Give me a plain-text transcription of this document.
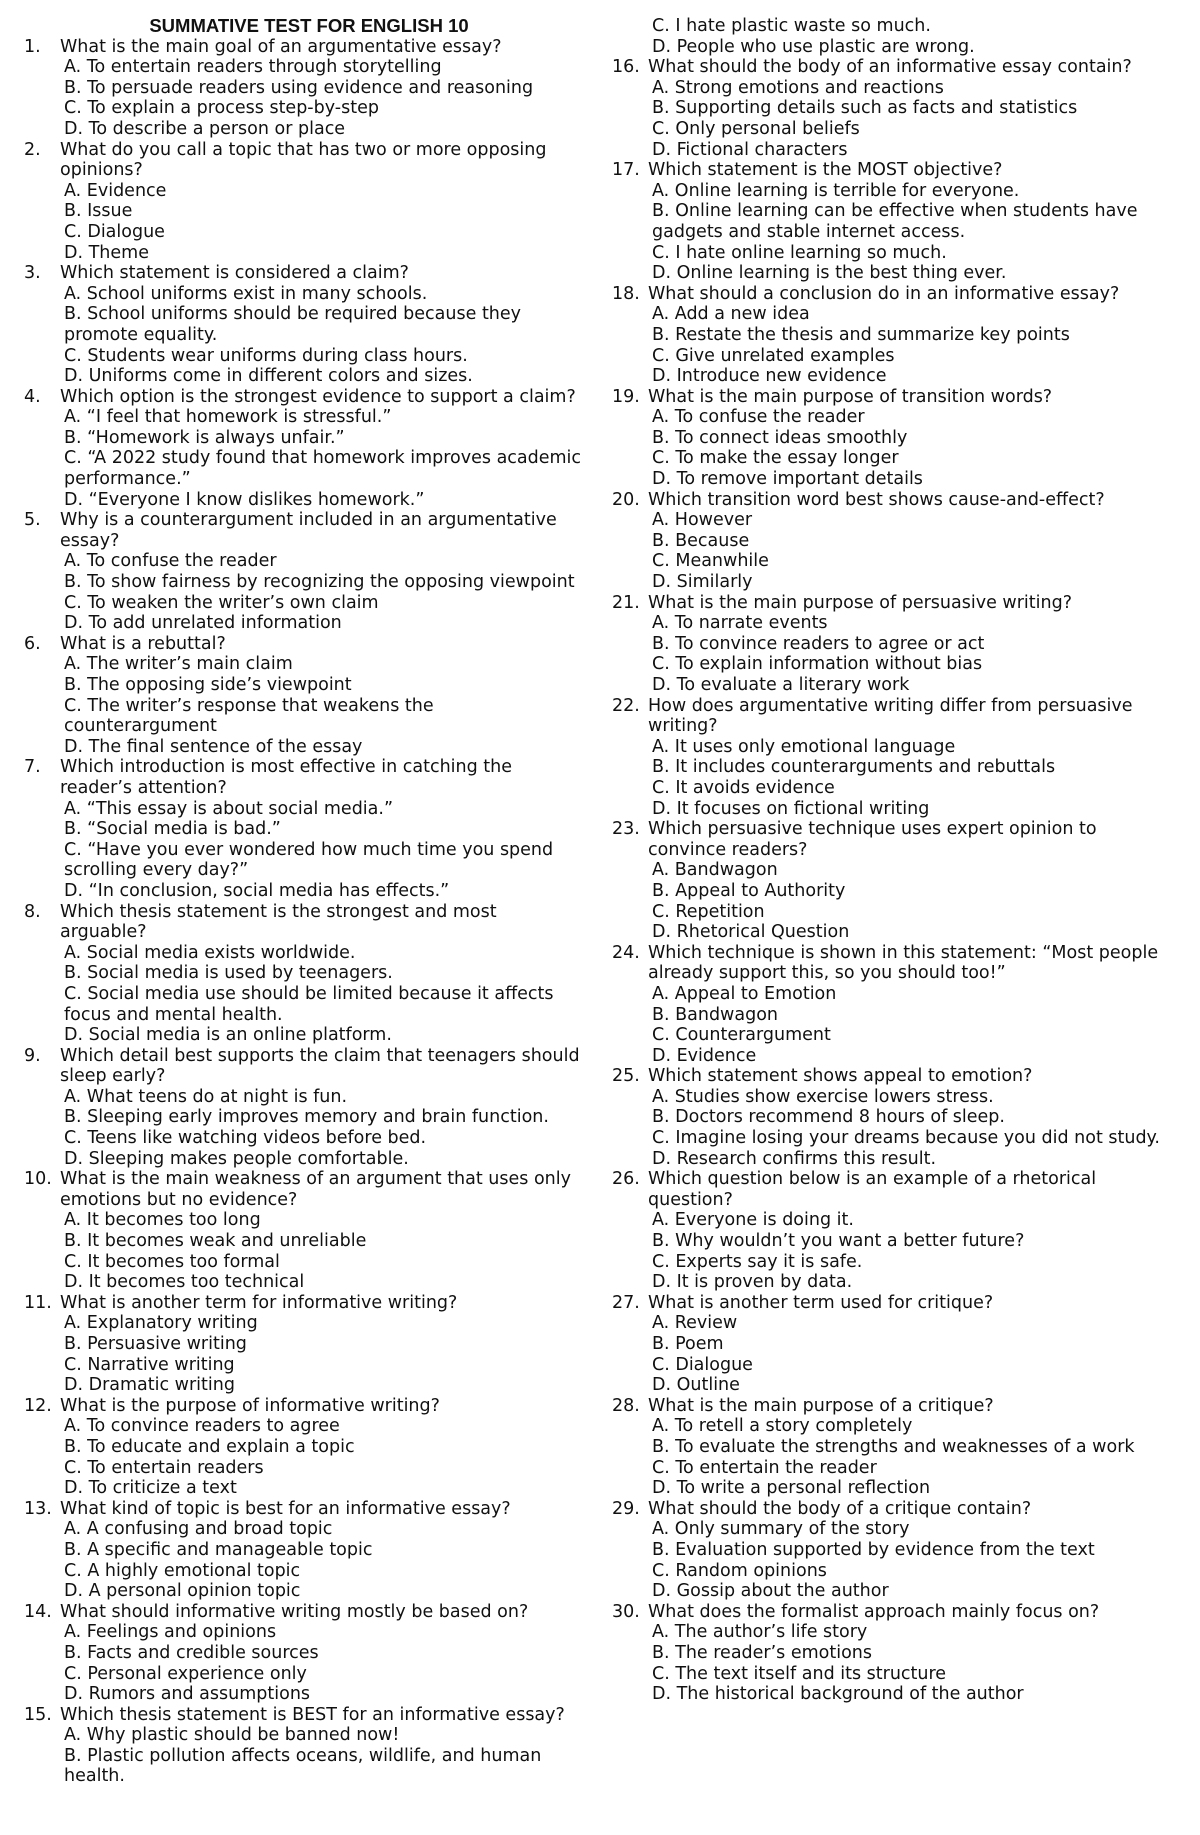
SUMMATIVE TEST FOR ENGLISH 10
1.	What is the main goal of an argumentative essay?
A. To entertain readers through storytelling
B. To persuade readers using evidence and reasoning
C. To explain a process step-by-step
D. To describe a person or place
2.	What do you call a topic that has two or more opposing
opinions?
A. Evidence
B. Issue
C. Dialogue
D. Theme
3.	Which statement is considered a claim?
A. School uniforms exist in many schools.
B. School uniforms should be required because they
promote equality.
C. Students wear uniforms during class hours.
D. Uniforms come in different colors and sizes.
4.	Which option is the strongest evidence to support a claim?
A. “I feel that homework is stressful.”
B. “Homework is always unfair.”
C. “A 2022 study found that homework improves academic
performance.”
D. “Everyone I know dislikes homework.”
5.	Why is a counterargument included in an argumentative
essay?
A. To confuse the reader
B. To show fairness by recognizing the opposing viewpoint
C. To weaken the writer’s own claim
D. To add unrelated information
6.	What is a rebuttal?
A. The writer’s main claim
B. The opposing side’s viewpoint
C. The writer’s response that weakens the
counterargument
D. The final sentence of the essay
7.	Which introduction is most effective in catching the
reader’s attention?
A. “This essay is about social media.”
B. “Social media is bad.”
C. “Have you ever wondered how much time you spend
scrolling every day?”
D. “In conclusion, social media has effects.”
8.	Which thesis statement is the strongest and most
arguable?
A. Social media exists worldwide.
B. Social media is used by teenagers.
C. Social media use should be limited because it affects
focus and mental health.
D. Social media is an online platform.
9.	Which detail best supports the claim that teenagers should
sleep early?
A. What teens do at night is fun.
B. Sleeping early improves memory and brain function.
C. Teens like watching videos before bed.
D. Sleeping makes people comfortable.
10. What is the main weakness of an argument that uses only
emotions but no evidence?
A. It becomes too long
B. It becomes weak and unreliable
C. It becomes too formal
D. It becomes too technical
11. What is another term for informative writing?
A. Explanatory writing
B. Persuasive writing
C. Narrative writing
D. Dramatic writing
12. What is the purpose of informative writing?
A. To convince readers to agree
B. To educate and explain a topic
C. To entertain readers
D. To criticize a text
13. What kind of topic is best for an informative essay?
A. A confusing and broad topic
B. A specific and manageable topic
C. A highly emotional topic
D. A personal opinion topic
14. What should informative writing mostly be based on?
A. Feelings and opinions
B. Facts and credible sources
C. Personal experience only
D. Rumors and assumptions
15. Which thesis statement is BEST for an informative essay?
A. Why plastic should be banned now!
B. Plastic pollution affects oceans, wildlife, and human
health.
C. I hate plastic waste so much.
D. People who use plastic are wrong.
16. What should the body of an informative essay contain?
A. Strong emotions and reactions
B. Supporting details such as facts and statistics
C. Only personal beliefs
D. Fictional characters
17. Which statement is the MOST objective?
A. Online learning is terrible for everyone.
B. Online learning can be effective when students have
gadgets and stable internet access.
C. I hate online learning so much.
D. Online learning is the best thing ever.
18. What should a conclusion do in an informative essay?
A. Add a new idea
B. Restate the thesis and summarize key points
C. Give unrelated examples
D. Introduce new evidence
19. What is the main purpose of transition words?
A. To confuse the reader
B. To connect ideas smoothly
C. To make the essay longer
D. To remove important details
20. Which transition word best shows cause-and-effect?
A. However
B. Because
C. Meanwhile
D. Similarly
21. What is the main purpose of persuasive writing?
A. To narrate events
B. To convince readers to agree or act
C. To explain information without bias
D. To evaluate a literary work
22. How does argumentative writing differ from persuasive
writing?
A. It uses only emotional language
B. It includes counterarguments and rebuttals
C. It avoids evidence
D. It focuses on fictional writing
23. Which persuasive technique uses expert opinion to
convince readers?
A. Bandwagon
B. Appeal to Authority
C. Repetition
D. Rhetorical Question
24. Which technique is shown in this statement: “Most people
already support this, so you should too!”
A. Appeal to Emotion
B. Bandwagon
C. Counterargument
D. Evidence
25. Which statement shows appeal to emotion?
A. Studies show exercise lowers stress.
B. Doctors recommend 8 hours of sleep.
C. Imagine losing your dreams because you did not study.
D. Research confirms this result.
26. Which question below is an example of a rhetorical
question?
A. Everyone is doing it.
B. Why wouldn’t you want a better future?
C. Experts say it is safe.
D. It is proven by data.
27. What is another term used for critique?
A. Review
B. Poem
C. Dialogue
D. Outline
28. What is the main purpose of a critique?
A. To retell a story completely
B. To evaluate the strengths and weaknesses of a work
C. To entertain the reader
D. To write a personal reflection
29. What should the body of a critique contain?
A. Only summary of the story
B. Evaluation supported by evidence from the text
C. Random opinions
D. Gossip about the author
30. What does the formalist approach mainly focus on?
A. The author’s life story
B. The reader’s emotions
C. The text itself and its structure
D. The historical background of the author
